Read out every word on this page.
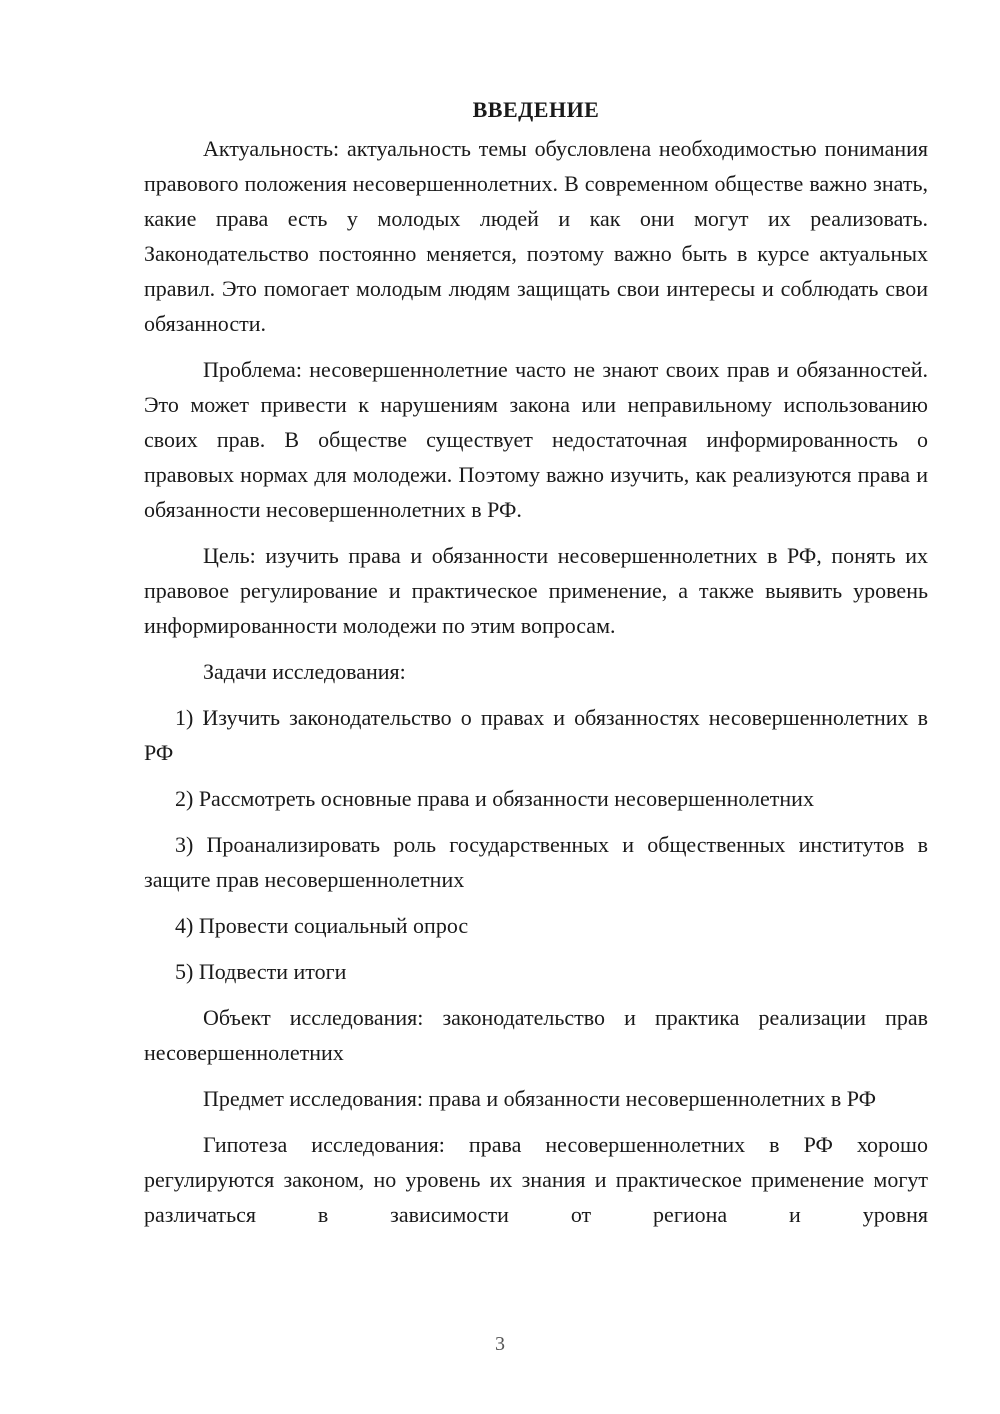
ВВЕДЕНИЕ

Актуальность: актуальность темы обусловлена необходимостью понимания правового положения несовершеннолетних. В современном обществе важно знать, какие права есть у молодых людей и как они могут их реализовать. Законодательство постоянно меняется, поэтому важно быть в курсе актуальных правил. Это помогает молодым людям защищать свои интересы и соблюдать свои обязанности.

Проблема: несовершеннолетние часто не знают своих прав и обязанностей. Это может привести к нарушениям закона или неправильному использованию своих прав. В обществе существует недостаточная информированность о правовых нормах для молодежи. Поэтому важно изучить, как реализуются права и обязанности несовершеннолетних в РФ.

Цель: изучить права и обязанности несовершеннолетних в РФ, понять их правовое регулирование и практическое применение, а также выявить уровень информированности молодежи по этим вопросам.

Задачи исследования:

1) Изучить законодательство о правах и обязанностях несовершеннолетних в РФ

2) Рассмотреть основные права и обязанности несовершеннолетних

3) Проанализировать роль государственных и общественных институтов в защите прав несовершеннолетних

4) Провести социальный опрос

5) Подвести итоги

Объект исследования: законодательство и практика реализации прав несовершеннолетних

Предмет исследования: права и обязанности несовершеннолетних в РФ

Гипотеза исследования: права несовершеннолетних в РФ хорошо регулируются законом, но уровень их знания и практическое применение могут различаться в зависимости от региона и уровня

3
